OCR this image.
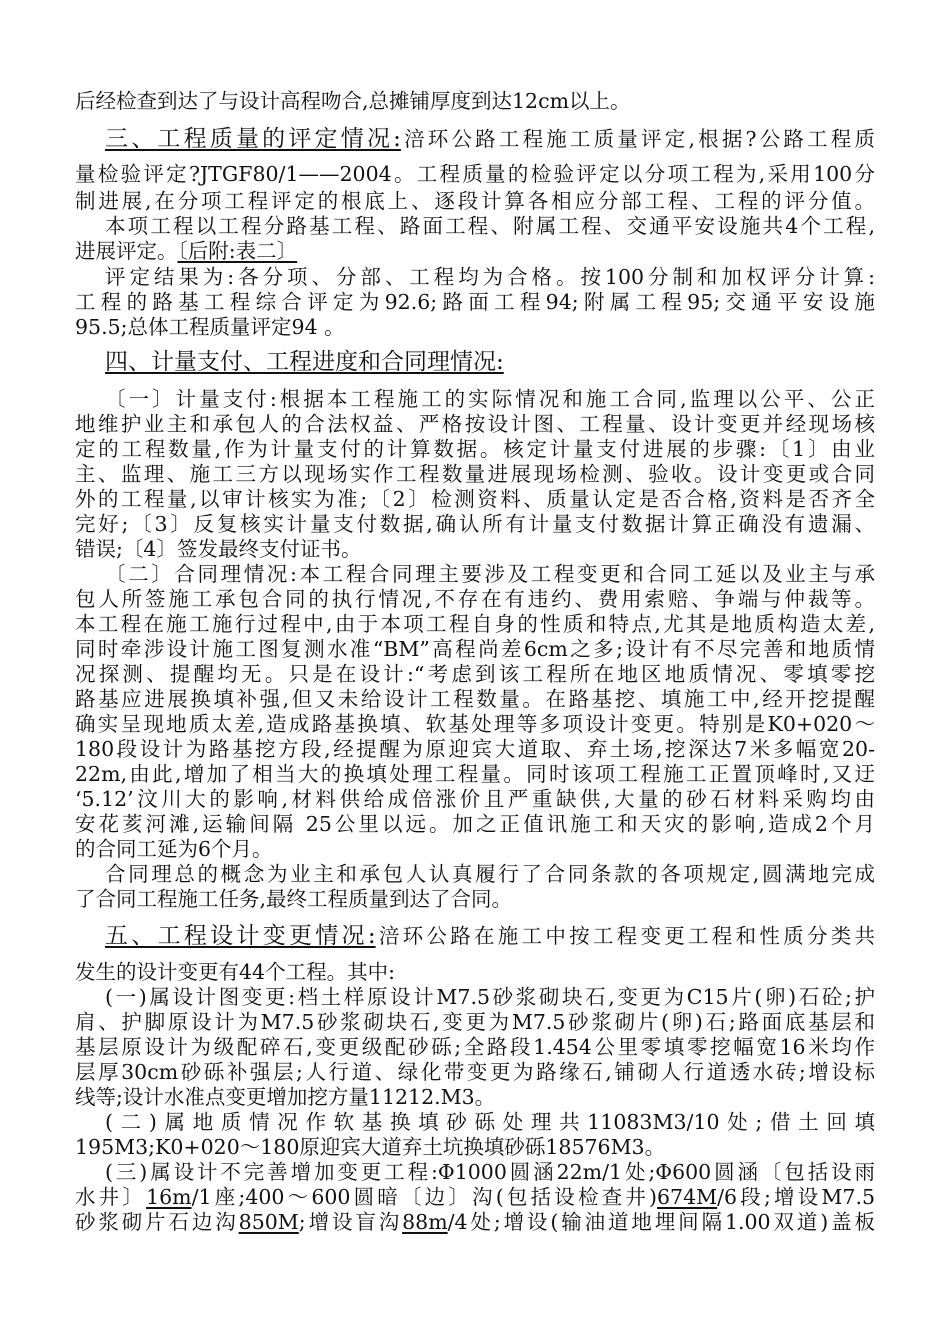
后经检查到达了与设计高程吻合,总摊铺厚度到达12cm以上。
三、工程质量的评定情况:涪环公路工程施工质量评定,根据?公路工程质
量检验评定?JTGF80/1——2004。工程质量的检验评定以分项工程为,采用100分
制进展,在分项工程评定的根底上、逐段计算各相应分部工程、工程的评分值。
本项工程以工程分路基工程、路面工程、附属工程、交通平安设施共4个工程,
进展评定。〔后附:表二〕
评定结果为:各分项、分部、工程均为合格。按100分制和加权评分计算:
工程的路基工程综合评定为92.6;路面工程94;附属工程95;交通平安设施
95.5;总体工程质量评定94 。
四、计量支付、工程进度和合同理情况:
〔一〕计量支付:根据本工程施工的实际情况和施工合同,监理以公平、公正
地维护业主和承包人的合法权益、严格按设计图、工程量、设计变更并经现场核
定的工程数量,作为计量支付的计算数据。核定计量支付进展的步骤:〔1〕由业
主、监理、施工三方以现场实作工程数量进展现场检测、验收。设计变更或合同
外的工程量,以审计核实为准;〔2〕检测资料、质量认定是否合格,资料是否齐全
完好;〔3〕反复核实计量支付数据,确认所有计量支付数据计算正确没有遗漏、
错误;〔4〕签发最终支付证书。
〔二〕合同理情况:本工程合同理主要涉及工程变更和合同工延以及业主与承
包人所签施工承包合同的执行情况,不存在有违约、费用索赔、争端与仲裁等。
本工程在施工施行过程中,由于本项工程自身的性质和特点,尤其是地质构造太差,
同时牵涉设计施工图复测水准“BM”高程尚差6cm之多;设计有不尽完善和地质情
况探测、提醒均无。只是在设计:“考虑到该工程所在地区地质情况、零填零挖
路基应进展换填补强,但又未给设计工程数量。在路基挖、填施工中,经开挖提醒
确实呈现地质太差,造成路基换填、软基处理等多项设计变更。特别是K0+020～
180段设计为路基挖方段,经提醒为原迎宾大道取、弃土场,挖深达7米多幅宽20-
22m,由此,增加了相当大的换填处理工程量。同时该项工程施工正置顶峰时,又迂
‘5.12’汶川大的影响,材料供给成倍涨价且严重缺供,大量的砂石材料采购均由
安花荄河滩,运输间隔 25公里以远。加之正值讯施工和天灾的影响,造成2个月
的合同工延为6个月。
合同理总的概念为业主和承包人认真履行了合同条款的各项规定,圆满地完成
了合同工程施工任务,最终工程质量到达了合同。
五、工程设计变更情况:涪环公路在施工中按工程变更工程和性质分类共
发生的设计变更有44个工程。其中:
(一)属设计图变更:档土样原设计M7.5砂浆砌块石,变更为C15片(卵)石砼;护
肩、护脚原设计为M7.5砂浆砌块石,变更为M7.5砂浆砌片(卵)石;路面底基层和
基层原设计为级配碎石,变更级配砂砾;全路段1.454公里零填零挖幅宽16米均作
层厚30cm砂砾补强层;人行道、绿化带变更为路缘石,铺砌人行道透水砖;增设标
线等;设计水准点变更增加挖方量11212.M3。
(二)属地质情况作软基换填砂砾处理共11083M3/10处;借土回填
195M3;K0+020～180原迎宾大道弃土坑换填砂砾18576M3。
(三)属设计不完善增加变更工程:Φ1000圆涵22m/1处;Φ600圆涵〔包括设雨
水井〕16m/1座;400～600圆暗〔边〕沟(包括设检查井)674M/6段;增设M7.5
砂浆砌片石边沟850M;增设盲沟88m/4处;增设(输油道地埋间隔1.00双道)盖板
